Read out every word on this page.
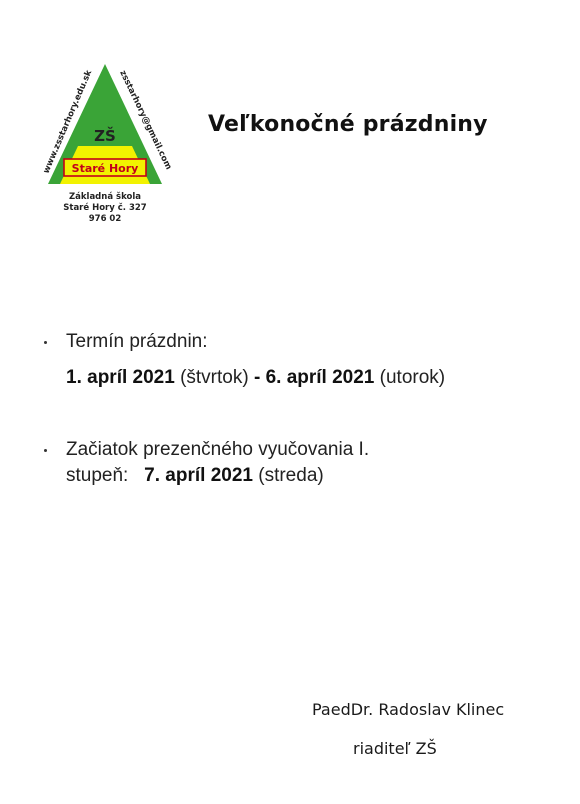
www.zsstarhory.edu.sk	zsstarhory@gmail.com
ZŠ
Staré Hory
Základná škola
Staré Hory č. 327
976 02
Veľkonočné prázdniny
Termín prázdnin:
1. apríl 2021 (štvrtok) - 6. apríl 2021 (utorok)
Začiatok prezenčného vyučovania I.
stupeň: 7. apríl 2021 (streda)
PaedDr. Radoslav Klinec
riaditeľ ZŠ
